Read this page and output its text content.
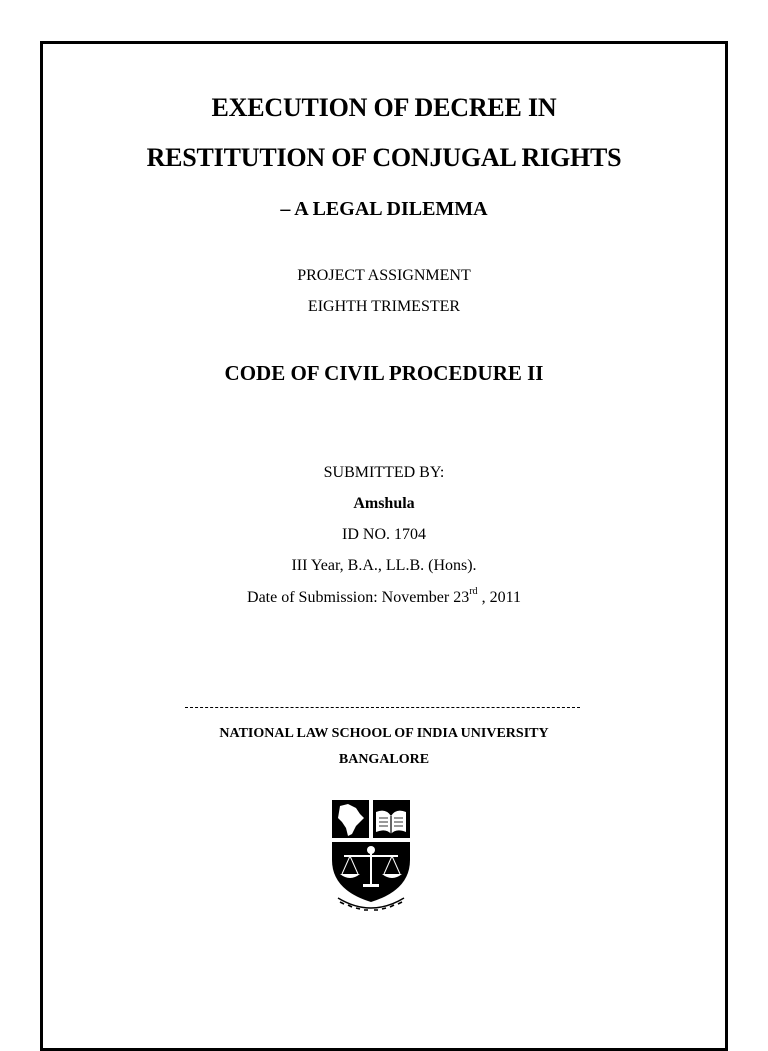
EXECUTION OF DECREE IN
RESTITUTION OF CONJUGAL RIGHTS
– A LEGAL DILEMMA
PROJECT ASSIGNMENT
EIGHTH TRIMESTER
CODE OF CIVIL PROCEDURE II
SUBMITTED BY:
Amshula
ID NO. 1704
III Year, B.A., LL.B. (Hons).
Date of Submission: November 23rd , 2011
NATIONAL LAW SCHOOL OF INDIA UNIVERSITY
BANGALORE
